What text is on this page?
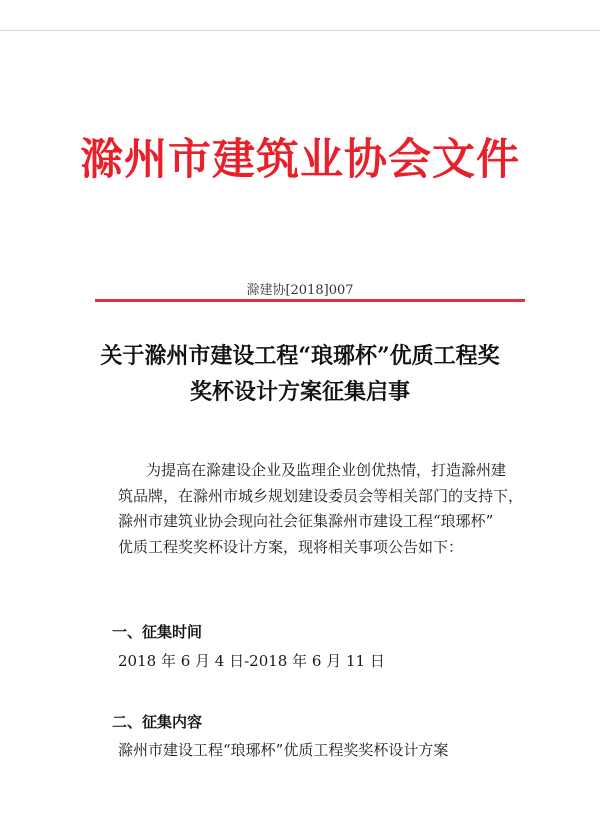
滁州市建筑业协会文件
滁建协[2018]007
关于滁州市建设工程“琅琊杯”优质工程奖
奖杯设计方案征集启事
为提高在滁建设企业及监理企业创优热情，打造滁州建
筑品牌，在滁州市城乡规划建设委员会等相关部门的支持下，
滁州市建筑业协会现向社会征集滁州市建设工程“琅琊杯”
优质工程奖奖杯设计方案，现将相关事项公告如下：
一、征集时间
2018 年 6 月 4 日-2018 年 6 月 11 日
二、征集内容
滁州市建设工程“琅琊杯”优质工程奖奖杯设计方案
